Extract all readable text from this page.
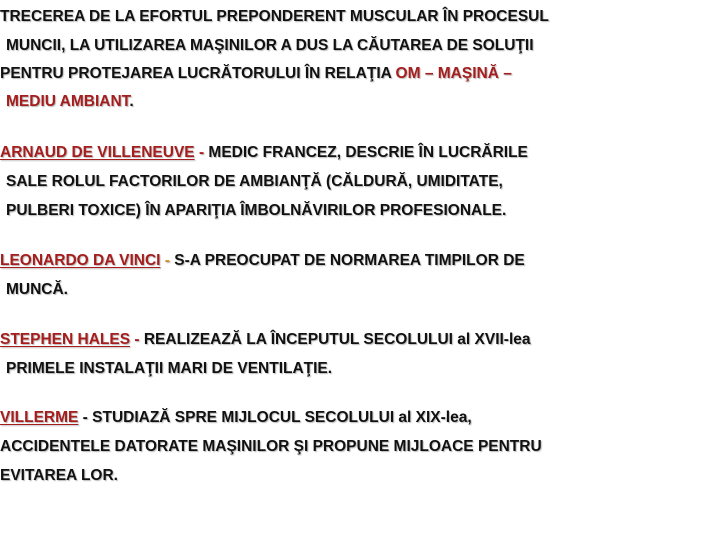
TRECEREA DE LA EFORTUL PREPONDERENT MUSCULAR ÎN PROCESUL
MUNCII, LA UTILIZAREA MAŞINILOR A DUS LA CĂUTAREA DE SOLUŢII
PENTRU PROTEJAREA LUCRĂTORULUI ÎN RELAŢIA OM – MAŞINĂ –
MEDIU AMBIANT.
ARNAUD DE VILLENEUVE - MEDIC FRANCEZ, DESCRIE ÎN LUCRĂRILE
SALE ROLUL FACTORILOR DE AMBIANŢĂ (CĂLDURĂ, UMIDITATE,
PULBERI TOXICE) ÎN APARIŢIA ÎMBOLNĂVIRILOR PROFESIONALE.
LEONARDO DA VINCI - S-A PREOCUPAT DE NORMAREA TIMPILOR DE
MUNCĂ.
STEPHEN HALES - REALIZEAZĂ LA ÎNCEPUTUL SECOLULUI al XVII-lea
PRIMELE INSTALAŢII MARI DE VENTILAŢIE.
VILLERME - STUDIAZĂ SPRE MIJLOCUL SECOLULUI al XIX-lea,
ACCIDENTELE DATORATE MAŞINILOR ŞI PROPUNE MIJLOACE PENTRU
EVITAREA LOR.
